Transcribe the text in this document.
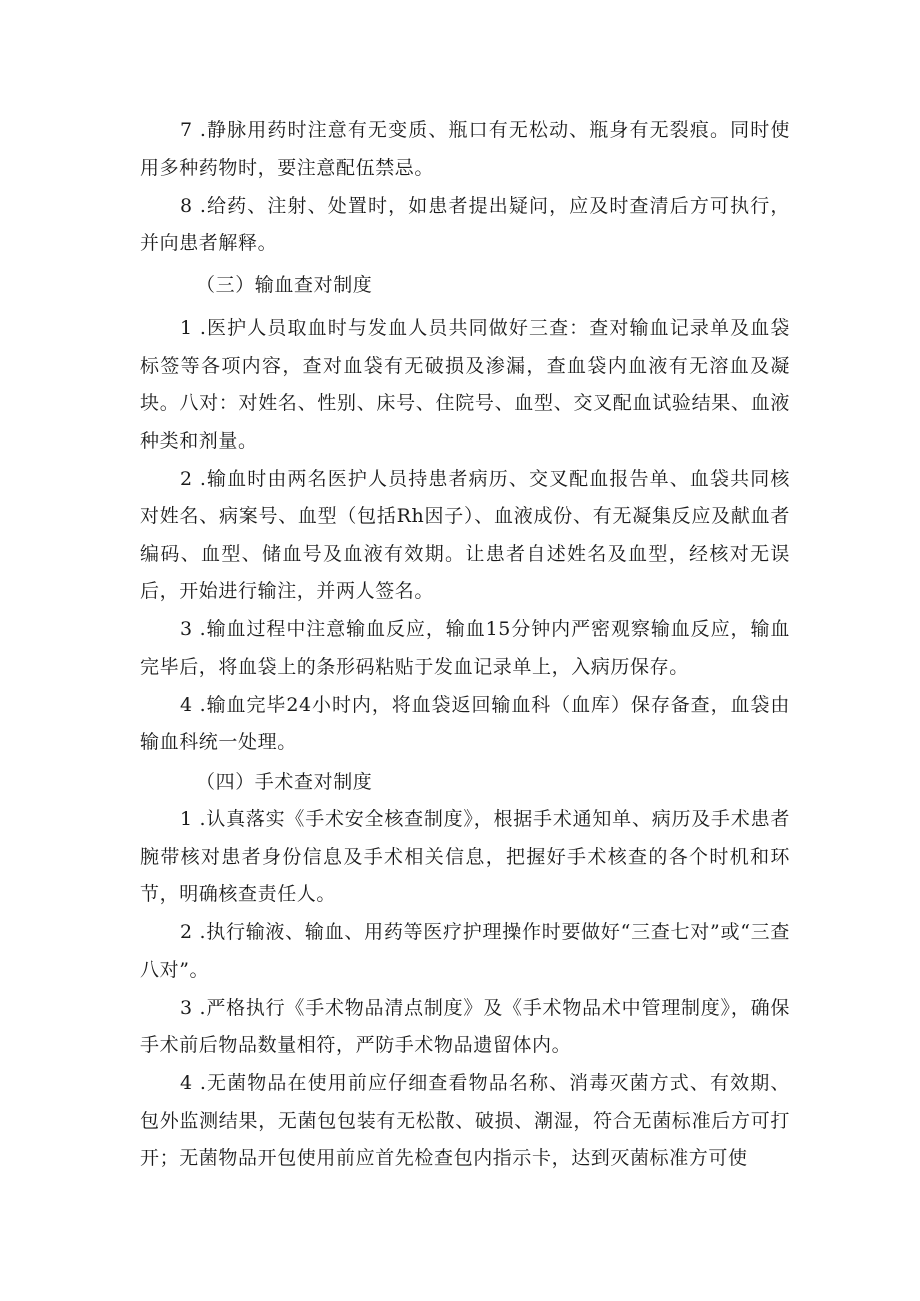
7 .静脉用药时注意有无变质、瓶口有无松动、瓶身有无裂痕。同时使用多种药物时，要注意配伍禁忌。

8 .给药、注射、处置时，如患者提出疑问，应及时查清后方可执行，并向患者解释。

（三）输血查对制度

1 .医护人员取血时与发血人员共同做好三查：查对输血记录单及血袋标签等各项内容，查对血袋有无破损及渗漏，查血袋内血液有无溶血及凝块。八对：对姓名、性别、床号、住院号、血型、交叉配血试验结果、血液种类和剂量。

2 .输血时由两名医护人员持患者病历、交叉配血报告单、血袋共同核对姓名、病案号、血型（包括Rh因子）、血液成份、有无凝集反应及献血者编码、血型、储血号及血液有效期。让患者自述姓名及血型，经核对无误后，开始进行输注，并两人签名。

3 .输血过程中注意输血反应，输血15分钟内严密观察输血反应，输血完毕后，将血袋上的条形码粘贴于发血记录单上，入病历保存。

4 .输血完毕24小时内，将血袋返回输血科（血库）保存备查，血袋由输血科统一处理。

（四）手术查对制度

1 .认真落实《手术安全核查制度》，根据手术通知单、病历及手术患者腕带核对患者身份信息及手术相关信息，把握好手术核查的各个时机和环节，明确核查责任人。

2 .执行输液、输血、用药等医疗护理操作时要做好“三查七对”或“三查八对”。

3 .严格执行《手术物品清点制度》及《手术物品术中管理制度》，确保手术前后物品数量相符，严防手术物品遗留体内。

4 .无菌物品在使用前应仔细查看物品名称、消毒灭菌方式、有效期、包外监测结果，无菌包包装有无松散、破损、潮湿，符合无菌标准后方可打开；无菌物品开包使用前应首先检查包内指示卡，达到灭菌标准方可使
